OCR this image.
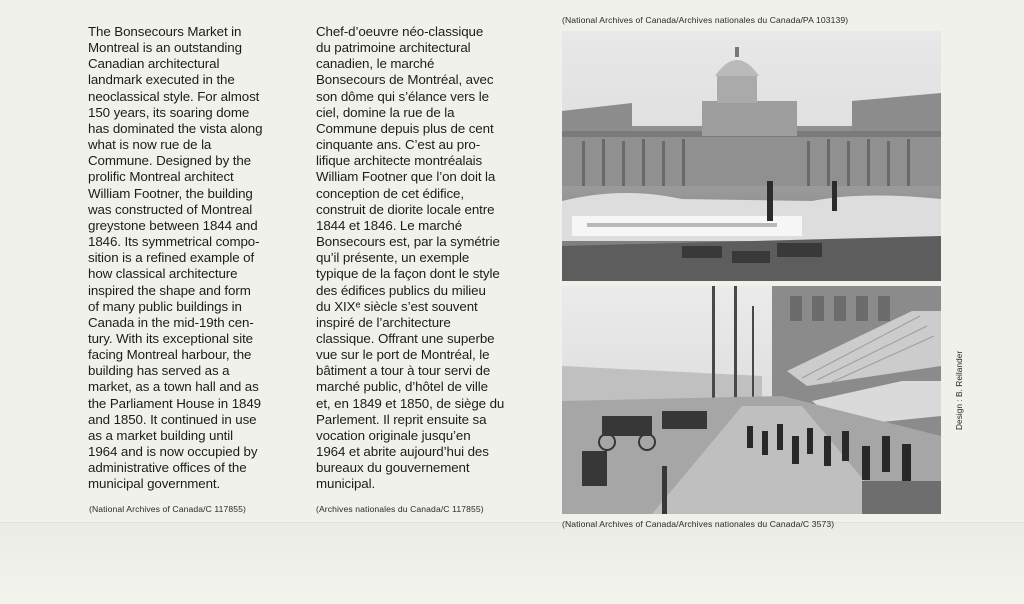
The Bonsecours Market in
Montreal is an outstanding
Canadian architectural
landmark executed in the
neoclassical style. For almost
150 years, its soaring dome
has dominated the vista along
what is now rue de la
Commune. Designed by the
prolific Montreal architect
William Footner, the building
was constructed of Montreal
greystone between 1844 and
1846. Its symmetrical compo-
sition is a refined example of
how classical architecture
inspired the shape and form
of many public buildings in
Canada in the mid-19th cen-
tury. With its exceptional site
facing Montreal harbour, the
building has served as a
market, as a town hall and as
the Parliament House in 1849
and 1850. It continued in use
as a market building until
1964 and is now occupied by
administrative offices of the
municipal government.

(National Archives of Canada/C 117855)

Chef-d’oeuvre néo-classique
du patrimoine architectural
canadien, le marché
Bonsecours de Montréal, avec
son dôme qui s’élance vers le
ciel, domine la rue de la
Commune depuis plus de cent
cinquante ans. C’est au pro-
lifique architecte montréalais
William Footner que l’on doit la
conception de cet édifice,
construit de diorite locale entre
1844 et 1846. Le marché
Bonsecours est, par la symétrie
qu’il présente, un exemple
typique de la façon dont le style
des édifices publics du milieu
du XIXᵉ siècle s’est souvent
inspiré de l’architecture
classique. Offrant une superbe
vue sur le port de Montréal, le
bâtiment a tour à tour servi de
marché public, d’hôtel de ville
et, en 1849 et 1850, de siège du
Parlement. Il reprit ensuite sa
vocation originale jusqu’en
1964 et abrite aujourd’hui des
bureaux du gouvernement
municipal.

(Archives nationales du Canada/C 117855)
(National Archives of Canada/Archives nationales du Canada/PA 103139)
(National Archives of Canada/Archives nationales du Canada/C 3573)
Design : B. Reilander
